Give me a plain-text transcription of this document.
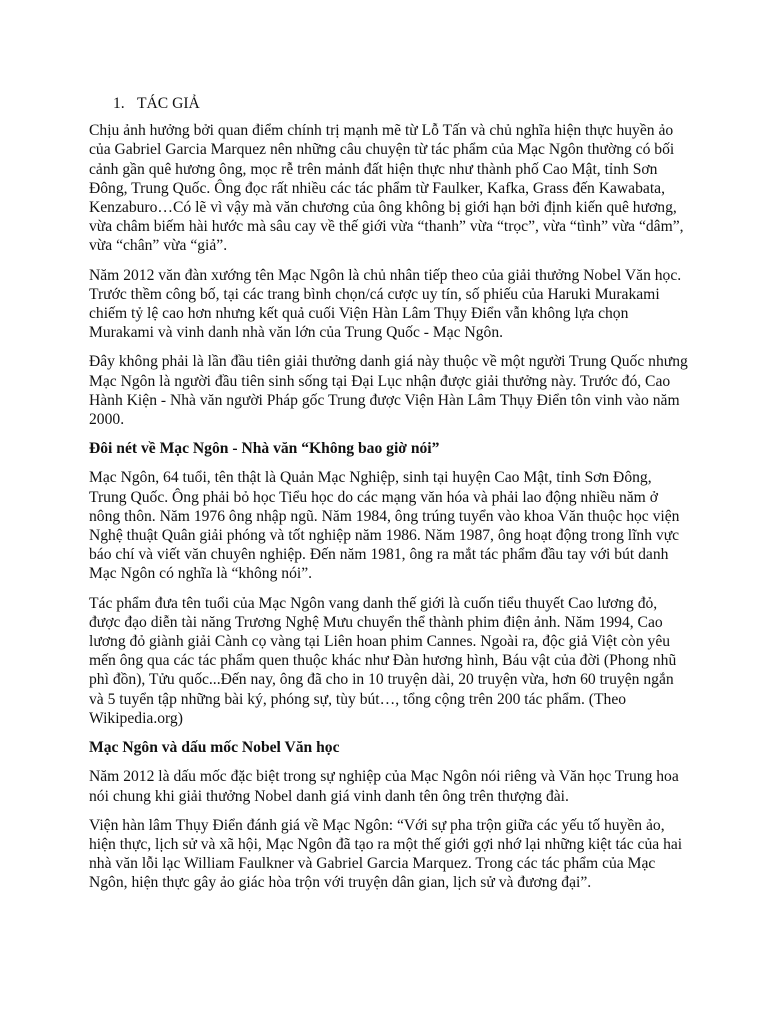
1. TÁC GIẢ

Chịu ảnh hưởng bởi quan điểm chính trị mạnh mẽ từ Lỗ Tấn và chủ nghĩa hiện thực huyền ảo của Gabriel Garcia Marquez nên những câu chuyện từ tác phẩm của Mạc Ngôn thường có bối cảnh gần quê hương ông, mọc rễ trên mảnh đất hiện thực như thành phố Cao Mật, tỉnh Sơn Đông, Trung Quốc. Ông đọc rất nhiều các tác phẩm từ Faulker, Kafka, Grass đến Kawabata, Kenzaburo…Có lẽ vì vậy mà văn chương của ông không bị giới hạn bởi định kiến quê hương, vừa châm biếm hài hước mà sâu cay về thế giới vừa “thanh” vừa “trọc”, vừa “tình” vừa “dâm”, vừa “chân” vừa “giả”.

Năm 2012 văn đàn xướng tên Mạc Ngôn là chủ nhân tiếp theo của giải thưởng Nobel Văn học. Trước thềm công bố, tại các trang bình chọn/cá cược uy tín, số phiếu của Haruki Murakami chiếm tỷ lệ cao hơn nhưng kết quả cuối Viện Hàn Lâm Thụy Điển vẫn không lựa chọn Murakami và vinh danh nhà văn lớn của Trung Quốc - Mạc Ngôn.

Đây không phải là lần đầu tiên giải thưởng danh giá này thuộc về một người Trung Quốc nhưng Mạc Ngôn là người đầu tiên sinh sống tại Đại Lục nhận được giải thưởng này. Trước đó, Cao Hành Kiện - Nhà văn người Pháp gốc Trung được Viện Hàn Lâm Thụy Điển tôn vinh vào năm 2000.

Đôi nét về Mạc Ngôn - Nhà văn “Không bao giờ nói”

Mạc Ngôn, 64 tuổi, tên thật là Quản Mạc Nghiệp, sinh tại huyện Cao Mật, tỉnh Sơn Đông, Trung Quốc. Ông phải bỏ học Tiểu học do các mạng văn hóa và phải lao động nhiều năm ở nông thôn. Năm 1976 ông nhập ngũ. Năm 1984, ông trúng tuyển vào khoa Văn thuộc học viện Nghệ thuật Quân giải phóng và tốt nghiệp năm 1986. Năm 1987, ông hoạt động trong lĩnh vực báo chí và viết văn chuyên nghiệp. Đến năm 1981, ông ra mắt tác phẩm đầu tay với bút danh Mạc Ngôn có nghĩa là “không nói”.

Tác phẩm đưa tên tuổi của Mạc Ngôn vang danh thế giới là cuốn tiểu thuyết Cao lương đỏ, được đạo diễn tài năng Trương Nghệ Mưu chuyển thể thành phim điện ảnh. Năm 1994, Cao lương đỏ giành giải Cành cọ vàng tại Liên hoan phim Cannes. Ngoài ra, độc giả Việt còn yêu mến ông qua các tác phẩm quen thuộc khác như Đàn hương hình, Báu vật của đời (Phong nhũ phì đồn), Tửu quốc...Đến nay, ông đã cho in 10 truyện dài, 20 truyện vừa, hơn 60 truyện ngắn và 5 tuyển tập những bài ký, phóng sự, tùy bút…, tổng cộng trên 200 tác phẩm. (Theo Wikipedia.org)

Mạc Ngôn và dấu mốc Nobel Văn học

Năm 2012 là dấu mốc đặc biệt trong sự nghiệp của Mạc Ngôn nói riêng và Văn học Trung hoa nói chung khi giải thưởng Nobel danh giá vinh danh tên ông trên thượng đài.

Viện hàn lâm Thụy Điển đánh giá về Mạc Ngôn: “Với sự pha trộn giữa các yếu tố huyền ảo, hiện thực, lịch sử và xã hội, Mạc Ngôn đã tạo ra một thế giới gợi nhớ lại những kiệt tác của hai nhà văn lỗi lạc William Faulkner và Gabriel Garcia Marquez. Trong các tác phẩm của Mạc Ngôn, hiện thực gây ảo giác hòa trộn với truyện dân gian, lịch sử và đương đại”.
